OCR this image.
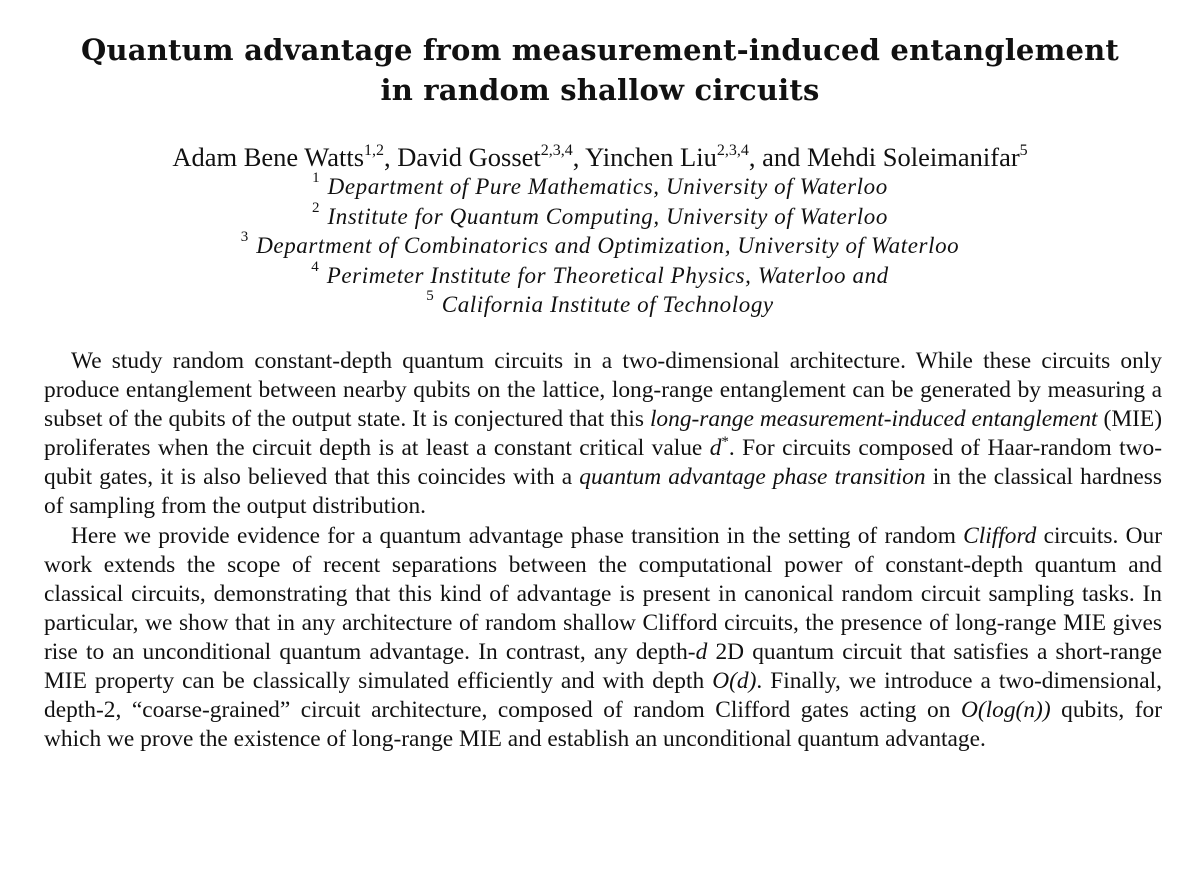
Quantum advantage from measurement-induced entanglement
in random shallow circuits
Adam Bene Watts$^{1,2}$, David Gosset$^{2,3,4}$, Yinchen Liu$^{2,3,4}$, and Mehdi Soleimanifar$^5$
$^1$ Department of Pure Mathematics, University of Waterloo
$^2$ Institute for Quantum Computing, University of Waterloo
$^3$ Department of Combinatorics and Optimization, University of Waterloo
$^4$ Perimeter Institute for Theoretical Physics, Waterloo and
$^5$ California Institute of Technology

We study random constant-depth quantum circuits in a two-dimensional architecture. While these circuits only produce entanglement between nearby qubits on the lattice, long-range entanglement can be generated by measuring a subset of the qubits of the output state. It is conjectured that this long-range measurement-induced entanglement (MIE) proliferates when the circuit depth is at least a constant critical value d*. For circuits composed of Haar-random two-qubit gates, it is also believed that this coincides with a quantum advantage phase transition in the classical hardness of sampling from the output distribution.

Here we provide evidence for a quantum advantage phase transition in the setting of random Clifford circuits. Our work extends the scope of recent separations between the computational power of constant-depth quantum and classical circuits, demonstrating that this kind of advantage is present in canonical random circuit sampling tasks. In particular, we show that in any architecture of random shallow Clifford circuits, the presence of long-range MIE gives rise to an unconditional quantum advantage. In contrast, any depth-d 2D quantum circuit that satisfies a short-range MIE property can be classically simulated efficiently and with depth O(d). Finally, we introduce a two-dimensional, depth-2, “coarse-grained” circuit architecture, composed of random Clifford gates acting on O(log(n)) qubits, for which we prove the existence of long-range MIE and establish an unconditional quantum advantage.
